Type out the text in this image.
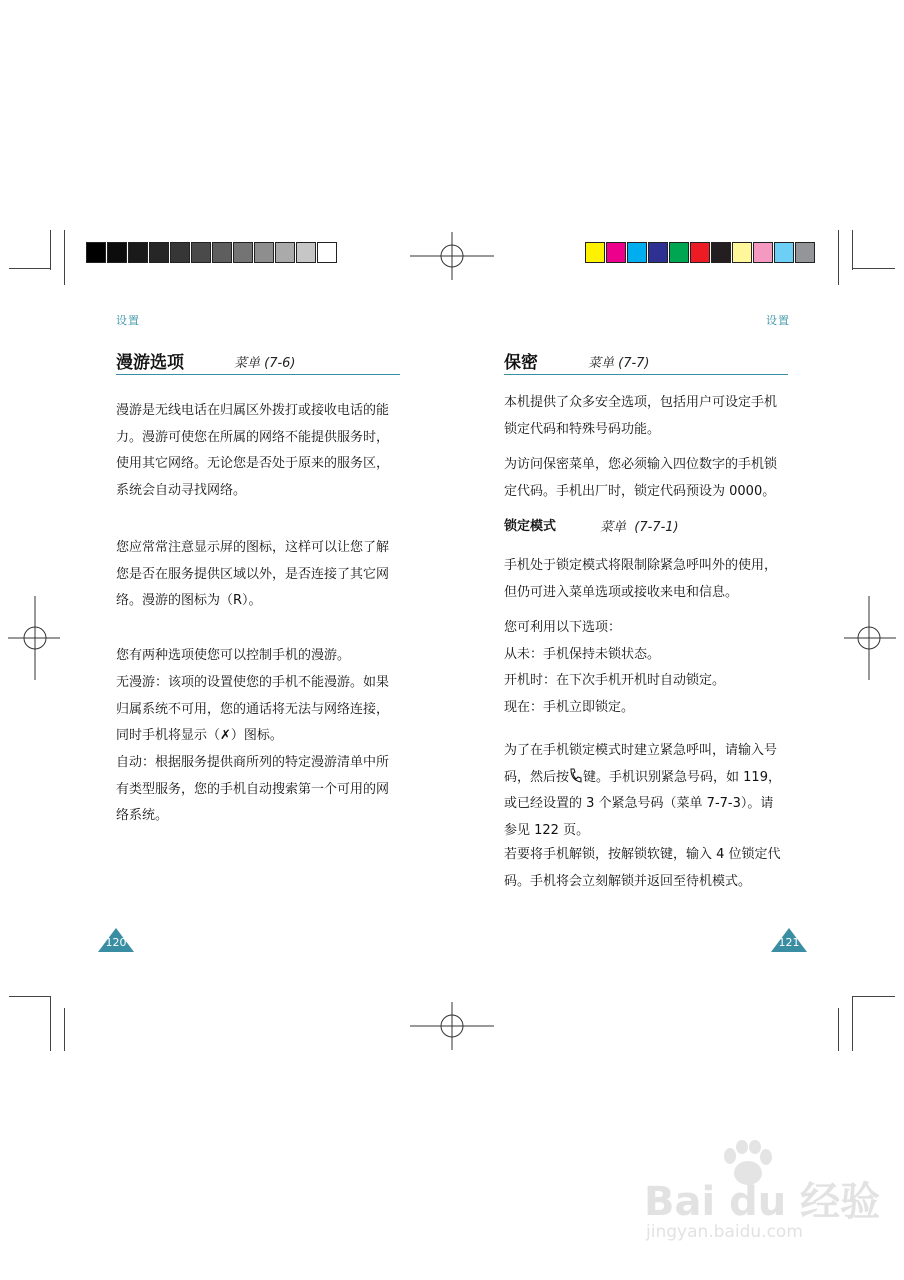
设置
漫游选项	菜单 (7-6)
漫游是无线电话在归属区外拨打或接收电话的能
力。漫游可使您在所属的网络不能提供服务时，
使用其它网络。无论您是否处于原来的服务区，
系统会自动寻找网络。
您应常常注意显示屏的图标，这样可以让您了解
您是否在服务提供区域以外，是否连接了其它网
络。漫游的图标为（R）。
您有两种选项使您可以控制手机的漫游。
无漫游：该项的设置使您的手机不能漫游。如果
归属系统不可用，您的通话将无法与网络连接，
同时手机将显示（✗）图标。
自动：根据服务提供商所列的特定漫游清单中所
有类型服务，您的手机自动搜索第一个可用的网
络系统。
120
设置
保密	菜单 (7-7)
本机提供了众多安全选项，包括用户可设定手机
锁定代码和特殊号码功能。
为访问保密菜单，您必须输入四位数字的手机锁
定代码。手机出厂时，锁定代码预设为 0000。
锁定模式	菜单  (7-7-1)
手机处于锁定模式将限制除紧急呼叫外的使用，
但仍可进入菜单选项或接收来电和信息。
您可利用以下选项：
从未：手机保持未锁状态。
开机时：在下次手机开机时自动锁定。
现在：手机立即锁定。
为了在手机锁定模式时建立紧急呼叫，请输入号
码，然后按 键。手机识别紧急号码，如 119，
或已经设置的 3 个紧急号码（菜单 7-7-3）。请
参见 122 页。
若要将手机解锁，按解锁软键，输入 4 位锁定代
码。手机将会立刻解锁并返回至待机模式。
121
Bai du 经验
jingyan.baidu.com
